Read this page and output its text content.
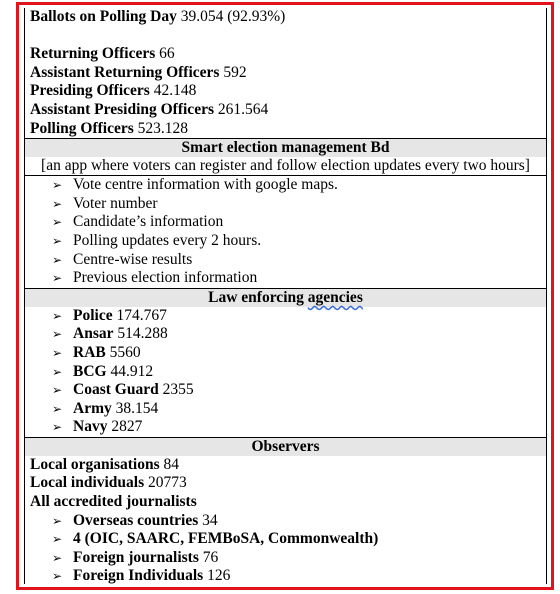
Ballots on Polling Day 39.054 (92.93%)
Returning Officers 66
Assistant Returning Officers 592
Presiding Officers 42.148
Assistant Presiding Officers 261.564
Polling Officers 523.128
Smart election management Bd
[an app where voters can register and follow election updates every two hours]
➢ Vote centre information with google maps.
➢ Voter number
➢ Candidate’s information
➢ Polling updates every 2 hours.
➢ Centre-wise results
➢ Previous election information
Law enforcing agencies
➢ Police 174.767
➢ Ansar 514.288
➢ RAB 5560
➢ BCG 44.912
➢ Coast Guard 2355
➢ Army 38.154
➢ Navy 2827
Observers
Local organisations 84
Local individuals 20773
All accredited journalists
➢ Overseas countries 34
➢ 4 (OIC, SAARC, FEMBoSA, Commonwealth)
➢ Foreign journalists 76
➢ Foreign Individuals 126
